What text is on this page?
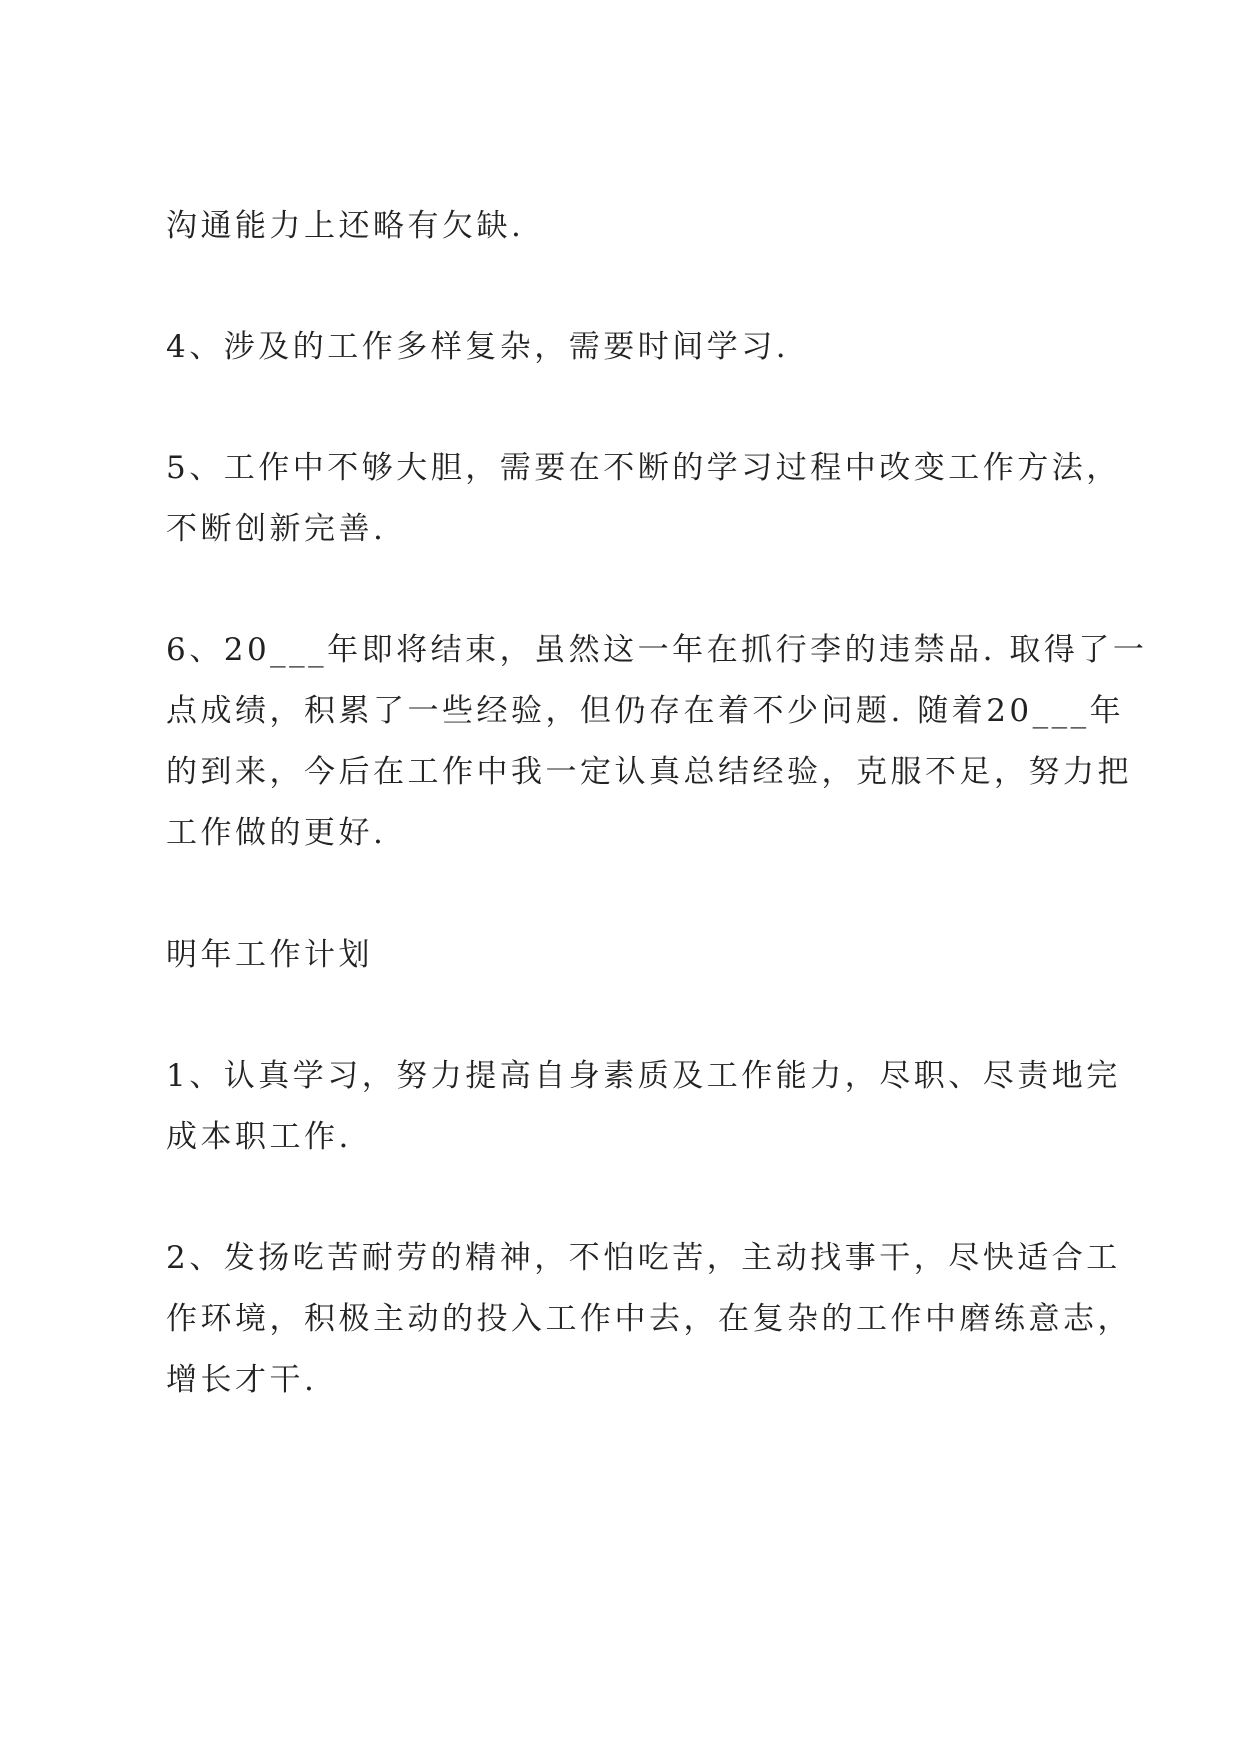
沟通能力上还略有欠缺.

4、涉及的工作多样复杂，需要时间学习.

5、工作中不够大胆，需要在不断的学习过程中改变工作方法，
不断创新完善.

6、20___年即将结束，虽然这一年在抓行李的违禁品. 取得了一
点成绩，积累了一些经验，但仍存在着不少问题. 随着20___年
的到来，今后在工作中我一定认真总结经验，克服不足，努力把
工作做的更好.

明年工作计划

1、认真学习，努力提高自身素质及工作能力，尽职、尽责地完
成本职工作.

2、发扬吃苦耐劳的精神，不怕吃苦，主动找事干，尽快适合工
作环境，积极主动的投入工作中去，在复杂的工作中磨练意志，
增长才干.
